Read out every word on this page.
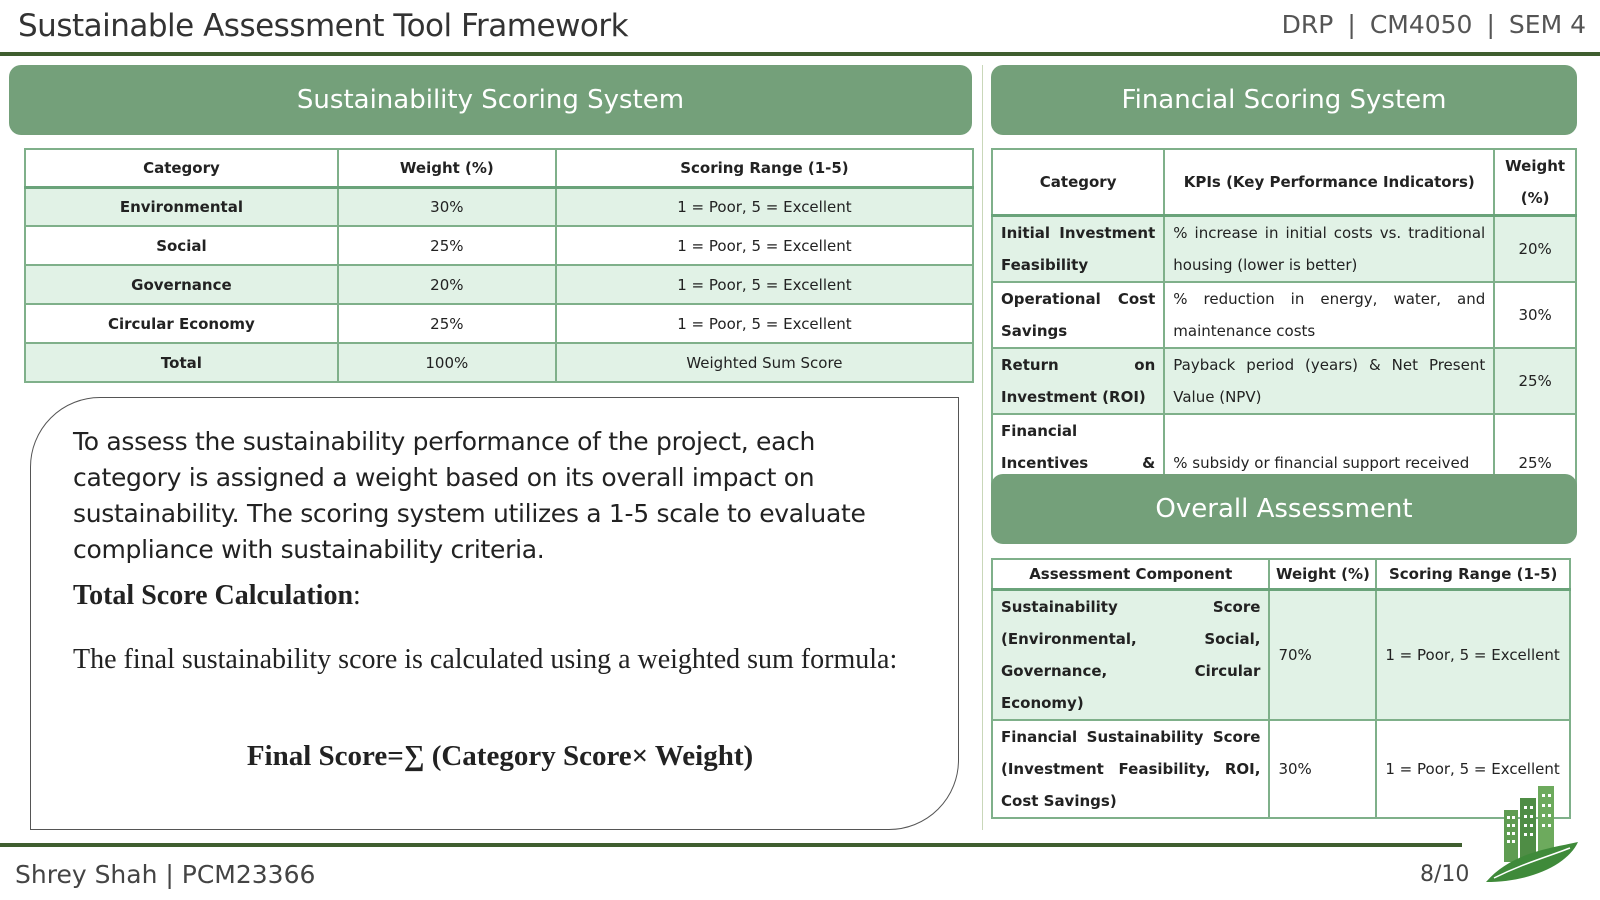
Sustainable Assessment Tool Framework	DRP | CM4050 | SEM 4
Sustainability Scoring System	Financial Scoring System
Category	Weight (%)	Scoring Range (1-5)
Environmental	30%	1 = Poor, 5 = Excellent
Social	25%	1 = Poor, 5 = Excellent
Governance	20%	1 = Poor, 5 = Excellent
Circular Economy	25%	1 = Poor, 5 = Excellent
Total	100%	Weighted Sum Score
Category	KPIs (Key Performance Indicators)	Weight (%)
Initial Investment Feasibility	% increase in initial costs vs. traditional housing (lower is better)	20%
Operational Cost Savings	% reduction in energy, water, and maintenance costs	30%
Return on Investment (ROI)	Payback period (years) & Net Present Value (NPV)	25%
Financial Incentives &	% subsidy or financial support received	25%
Overall Assessment
Assessment Component	Weight (%)	Scoring Range (1-5)
Sustainability Score (Environmental, Social, Governance, Circular Economy)	70%	1 = Poor, 5 = Excellent
Financial Sustainability Score (Investment Feasibility, ROI, Cost Savings)	30%	1 = Poor, 5 = Excellent
To assess the sustainability performance of the project, each category is assigned a weight based on its overall impact on sustainability. The scoring system utilizes a 1-5 scale to evaluate compliance with sustainability criteria.
Total Score Calculation:
The final sustainability score is calculated using a weighted sum formula:
Final Score=∑ (Category Score× Weight)
Shrey Shah | PCM23366	8/10
